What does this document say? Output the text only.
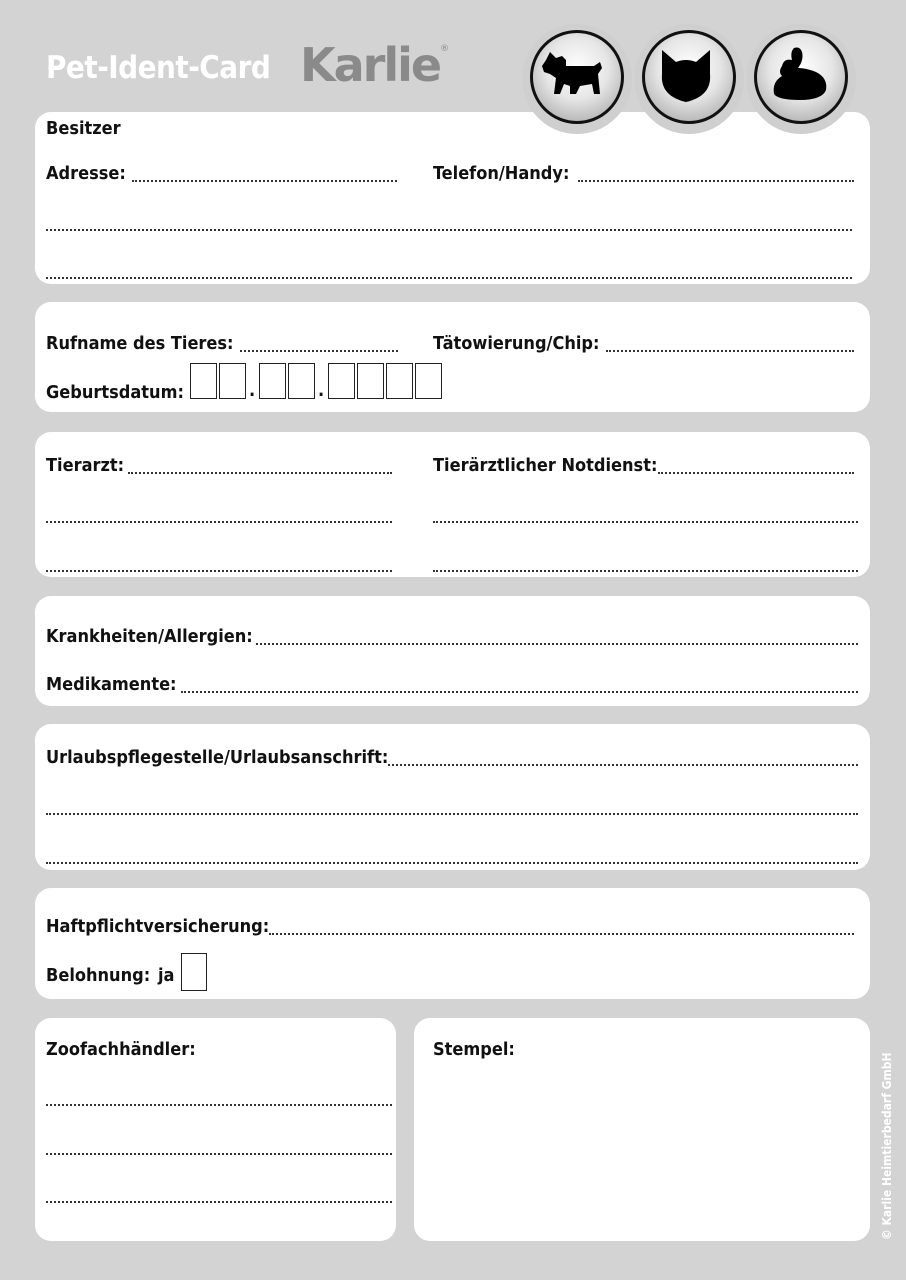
Pet-Ident-Card Karlie®
Besitzer
Adresse:	Telefon/Handy:
Rufname des Tieres:	Tätowierung/Chip:
Geburtsdatum:	.	.
Tierarzt:	Tierärztlicher Notdienst:
Krankheiten/Allergien:
Medikamente:
Urlaubspflegestelle/Urlaubsanschrift:
Haftpflichtversicherung:
Belohnung: ja
Zoofachhändler:	Stempel:
© Karlie Heimtierbedarf GmbH
